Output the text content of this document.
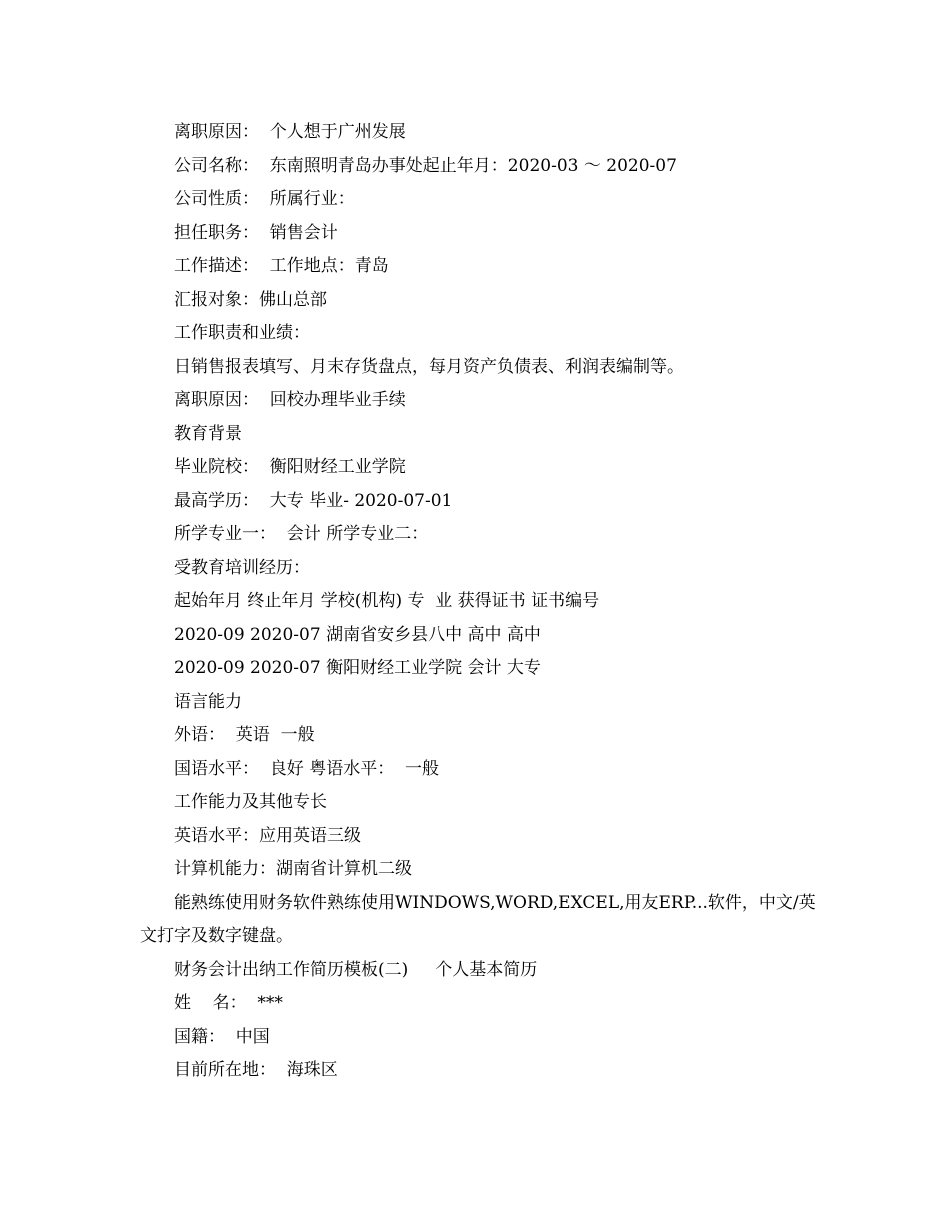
离职原因：  个人想于广州发展
公司名称：  东南照明青岛办事处起止年月：2020-03 ～ 2020-07
公司性质：  所属行业：
担任职务：  销售会计
工作描述：  工作地点：青岛
汇报对象：佛山总部
工作职责和业绩：
日销售报表填写、月末存货盘点，每月资产负债表、利润表编制等。
离职原因：  回校办理毕业手续
教育背景
毕业院校：  衡阳财经工业学院
最高学历：  大专 毕业- 2020-07-01
所学专业一：  会计 所学专业二：
受教育培训经历：
起始年月 终止年月 学校(机构) 专  业 获得证书 证书编号
2020-09 2020-07 湖南省安乡县八中 高中 高中
2020-09 2020-07 衡阳财经工业学院 会计 大专
语言能力
外语：  英语  一般
国语水平：  良好 粤语水平：  一般
工作能力及其他专长
英语水平：应用英语三级
计算机能力：湖南省计算机二级
能熟练使用财务软件熟练使用WINDOWS,WORD,EXCEL,用友ERP...软件，中文/英文打字及数字键盘。
财务会计出纳工作简历模板(二)     个人基本简历
姓    名：  ***
国籍：  中国
目前所在地：  海珠区
